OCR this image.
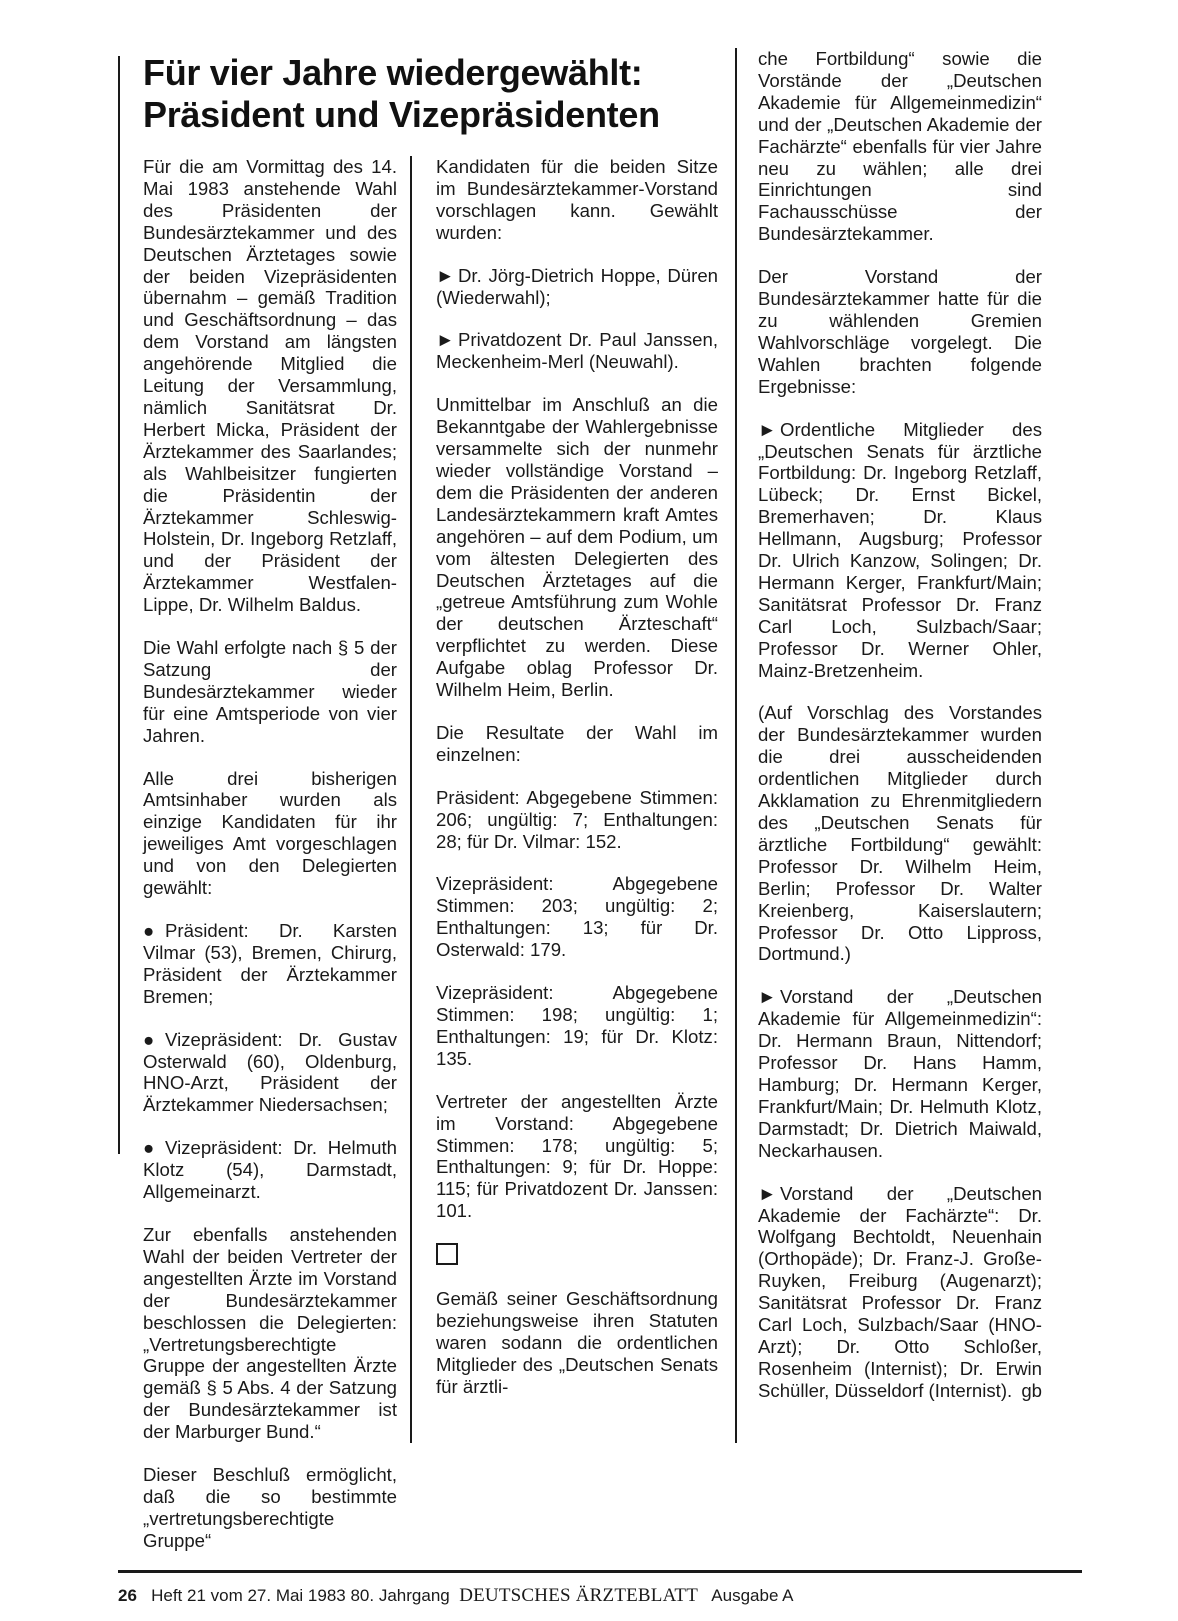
Für vier Jahre wiedergewählt:
Präsident und Vizepräsidenten

Für die am Vormittag des 14. Mai 1983 anstehende Wahl des Präsidenten der Bundesärztekammer und des Deutschen Ärztetages sowie der beiden Vizepräsidenten übernahm – gemäß Tradition und Geschäftsordnung – das dem Vorstand am längsten angehörende Mitglied die Leitung der Versammlung, nämlich Sanitätsrat Dr. Herbert Micka, Präsident der Ärztekammer des Saarlandes; als Wahlbeisitzer fungierten die Präsidentin der Ärztekammer Schleswig-Holstein, Dr. Ingeborg Retzlaff, und der Präsident der Ärztekammer Westfalen-Lippe, Dr. Wilhelm Baldus.

Die Wahl erfolgte nach § 5 der Satzung der Bundesärztekammer wieder für eine Amtsperiode von vier Jahren.

Alle drei bisherigen Amtsinhaber wurden als einzige Kandidaten für ihr jeweiliges Amt vorgeschlagen und von den Delegierten gewählt:

● Präsident: Dr. Karsten Vilmar (53), Bremen, Chirurg, Präsident der Ärztekammer Bremen;

● Vizepräsident: Dr. Gustav Osterwald (60), Oldenburg, HNO-Arzt, Präsident der Ärztekammer Niedersachsen;

● Vizepräsident: Dr. Helmuth Klotz (54), Darmstadt, Allgemeinarzt.

Zur ebenfalls anstehenden Wahl der beiden Vertreter der angestellten Ärzte im Vorstand der Bundesärztekammer beschlossen die Delegierten: „Vertretungsberechtigte Gruppe der angestellten Ärzte gemäß § 5 Abs. 4 der Satzung der Bundesärztekammer ist der Marburger Bund.“

Dieser Beschluß ermöglicht, daß die so bestimmte „vertretungsberechtigte Gruppe“

Kandidaten für die beiden Sitze im Bundesärztekammer-Vorstand vorschlagen kann. Gewählt wurden:

► Dr. Jörg-Dietrich Hoppe, Düren (Wiederwahl);

► Privatdozent Dr. Paul Janssen, Meckenheim-Merl (Neuwahl).

Unmittelbar im Anschluß an die Bekanntgabe der Wahlergebnisse versammelte sich der nunmehr wieder vollständige Vorstand – dem die Präsidenten der anderen Landesärztekammern kraft Amtes angehören – auf dem Podium, um vom ältesten Delegierten des Deutschen Ärztetages auf die „getreue Amtsführung zum Wohle der deutschen Ärzteschaft“ verpflichtet zu werden. Diese Aufgabe oblag Professor Dr. Wilhelm Heim, Berlin.

Die Resultate der Wahl im einzelnen:

Präsident: Abgegebene Stimmen: 206; ungültig: 7; Enthaltungen: 28; für Dr. Vilmar: 152.

Vizepräsident: Abgegebene Stimmen: 203; ungültig: 2; Enthaltungen: 13; für Dr. Osterwald: 179.

Vizepräsident: Abgegebene Stimmen: 198; ungültig: 1; Enthaltungen: 19; für Dr. Klotz: 135.

Vertreter der angestellten Ärzte im Vorstand: Abgegebene Stimmen: 178; ungültig: 5; Enthaltungen: 9; für Dr. Hoppe: 115; für Privatdozent Dr. Janssen: 101.

Gemäß seiner Geschäftsordnung beziehungsweise ihren Statuten waren sodann die ordentlichen Mitglieder des „Deutschen Senats für ärztli-

che Fortbildung“ sowie die Vorstände der „Deutschen Akademie für Allgemeinmedizin“ und der „Deutschen Akademie der Fachärzte“ ebenfalls für vier Jahre neu zu wählen; alle drei Einrichtungen sind Fachausschüsse der Bundesärztekammer.

Der Vorstand der Bundesärztekammer hatte für die zu wählenden Gremien Wahlvorschläge vorgelegt. Die Wahlen brachten folgende Ergebnisse:

► Ordentliche Mitglieder des „Deutschen Senats für ärztliche Fortbildung: Dr. Ingeborg Retzlaff, Lübeck; Dr. Ernst Bickel, Bremerhaven; Dr. Klaus Hellmann, Augsburg; Professor Dr. Ulrich Kanzow, Solingen; Dr. Hermann Kerger, Frankfurt/Main; Sanitätsrat Professor Dr. Franz Carl Loch, Sulzbach/Saar; Professor Dr. Werner Ohler, Mainz-Bretzenheim.

(Auf Vorschlag des Vorstandes der Bundesärztekammer wurden die drei ausscheidenden ordentlichen Mitglieder durch Akklamation zu Ehrenmitgliedern des „Deutschen Senats für ärztliche Fortbildung“ gewählt: Professor Dr. Wilhelm Heim, Berlin; Professor Dr. Walter Kreienberg, Kaiserslautern; Professor Dr. Otto Lippross, Dortmund.)

► Vorstand der „Deutschen Akademie für Allgemeinmedizin“: Dr. Hermann Braun, Nittendorf; Professor Dr. Hans Hamm, Hamburg; Dr. Hermann Kerger, Frankfurt/Main; Dr. Helmuth Klotz, Darmstadt; Dr. Dietrich Maiwald, Neckarhausen.

► Vorstand der „Deutschen Akademie der Fachärzte“: Dr. Wolfgang Bechtoldt, Neuenhain (Orthopäde); Dr. Franz-J. Große-Ruyken, Freiburg (Augenarzt); Sanitätsrat Professor Dr. Franz Carl Loch, Sulzbach/Saar (HNO-Arzt); Dr. Otto Schloßer, Rosenheim (Internist); Dr. Erwin Schüller, Düsseldorf (Internist). gb

26 Heft 21 vom 27. Mai 1983 80. Jahrgang DEUTSCHES ÄRZTEBLATT Ausgabe A
